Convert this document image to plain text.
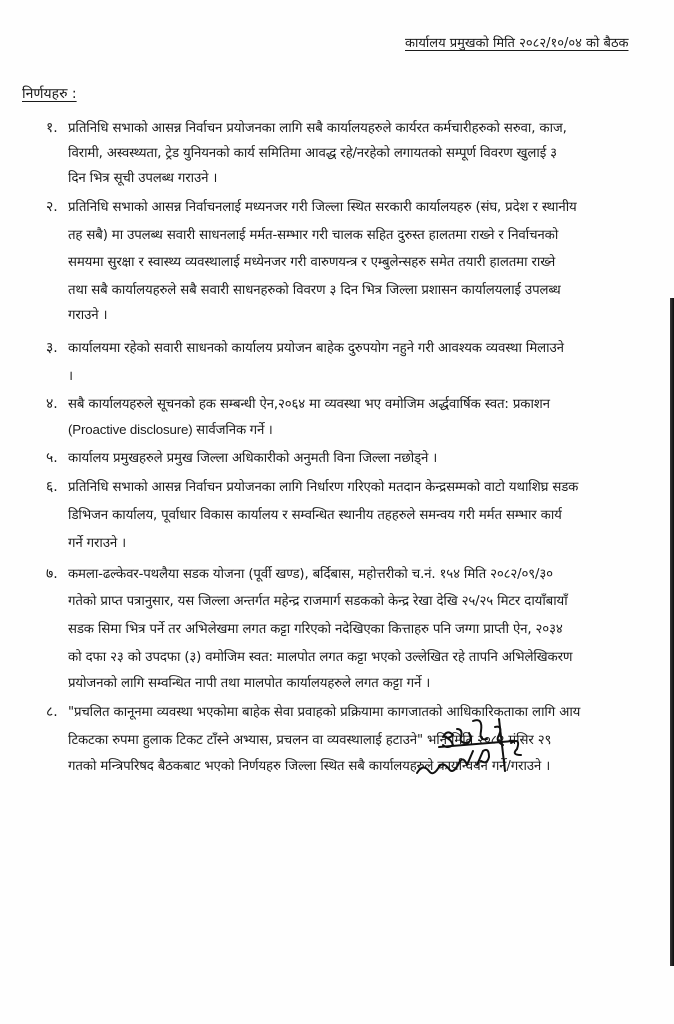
कार्यालय प्रमुखको मिति २०८२/१०/०४ को बैठक
निर्णयहरु :
१. प्रतिनिधि सभाको आसन्न निर्वाचन प्रयोजनका लागि सबै कार्यालयहरुले कार्यरत कर्मचारीहरुको सरुवा, काज,
विरामी, अस्वस्थ्यता, ट्रेड युनियनको कार्य समितिमा आवद्ध रहे/नरहेको लगायतको सम्पूर्ण विवरण खुलाई ३
दिन भित्र सूची उपलब्ध गराउने ।
२. प्रतिनिधि सभाको आसन्न निर्वाचनलाई मध्यनजर गरी जिल्ला स्थित सरकारी कार्यालयहरु (संघ, प्रदेश र स्थानीय
तह सबै) मा उपलब्ध सवारी साधनलाई मर्मत-सम्भार गरी चालक सहित दुरुस्त हालतमा राख्ने र निर्वाचनको
समयमा सुरक्षा र स्वास्थ्य व्यवस्थालाई मध्येनजर गरी वारुणयन्त्र र एम्बुलेन्सहरु समेत तयारी हालतमा राख्ने
तथा सबै कार्यालयहरुले सबै सवारी साधनहरुको विवरण ३ दिन भित्र जिल्ला प्रशासन कार्यालयलाई उपलब्ध
गराउने ।
३. कार्यालयमा रहेको सवारी साधनको कार्यालय प्रयोजन बाहेक दुरुपयोग नहुने गरी आवश्यक व्यवस्था मिलाउने
।
४. सबै कार्यालयहरुले सूचनको हक सम्बन्धी ऐन,२०६४ मा व्यवस्था भए वमोजिम अर्द्धवार्षिक स्वत: प्रकाशन
(Proactive disclosure) सार्वजनिक गर्ने ।
५. कार्यालय प्रमुखहरुले प्रमुख जिल्ला अधिकारीको अनुमती विना जिल्ला नछोड्ने ।
६. प्रतिनिधि सभाको आसन्न निर्वाचन प्रयोजनका लागि निर्धारण गरिएको मतदान केन्द्रसम्मको वाटो यथाशिघ्र सडक
डिभिजन कार्यालय, पूर्वाधार विकास कार्यालय र सम्वन्धित स्थानीय तहहरुले समन्वय गरी मर्मत सम्भार कार्य
गर्ने गराउने ।
७. कमला-ढल्केवर-पथलैया सडक योजना (पूर्वी खण्ड), बर्दिबास, महोत्तरीको च.नं. १५४ मिति २०८२/०९/३०
गतेको प्राप्त पत्रानुसार, यस जिल्ला अन्तर्गत महेन्द्र राजमार्ग सडकको केन्द्र रेखा देखि २५/२५ मिटर दायाँबायाँ
सडक सिमा भित्र पर्ने तर अभिलेखमा लगत कट्टा गरिएको नदेखिएका कित्ताहरु पनि जग्गा प्राप्ती ऐन, २०३४
को दफा २३ को उपदफा (३) वमोजिम स्वत: मालपोत लगत कट्टा भएको उल्लेखित रहे तापनि अभिलेखिकरण
प्रयोजनको लागि सम्वन्धित नापी तथा मालपोत कार्यालयहरुले लगत कट्टा गर्ने ।
८. "प्रचलित कानूनमा व्यवस्था भएकोमा बाहेक सेवा प्रवाहको प्रक्रियामा कागजातको आधिकारिकताका लागि आय
टिकटका रुपमा हुलाक टिकट टाँस्ने अभ्यास, प्रचलन वा व्यवस्थालाई हटाउने" भनि मिति २०८२ मंसिर २९
गतको मन्त्रिपरिषद बैठकबाट भएको निर्णयहरु जिल्ला स्थित सबै कार्यालयहरुले कार्यान्वयन गर्ने/गराउने ।
